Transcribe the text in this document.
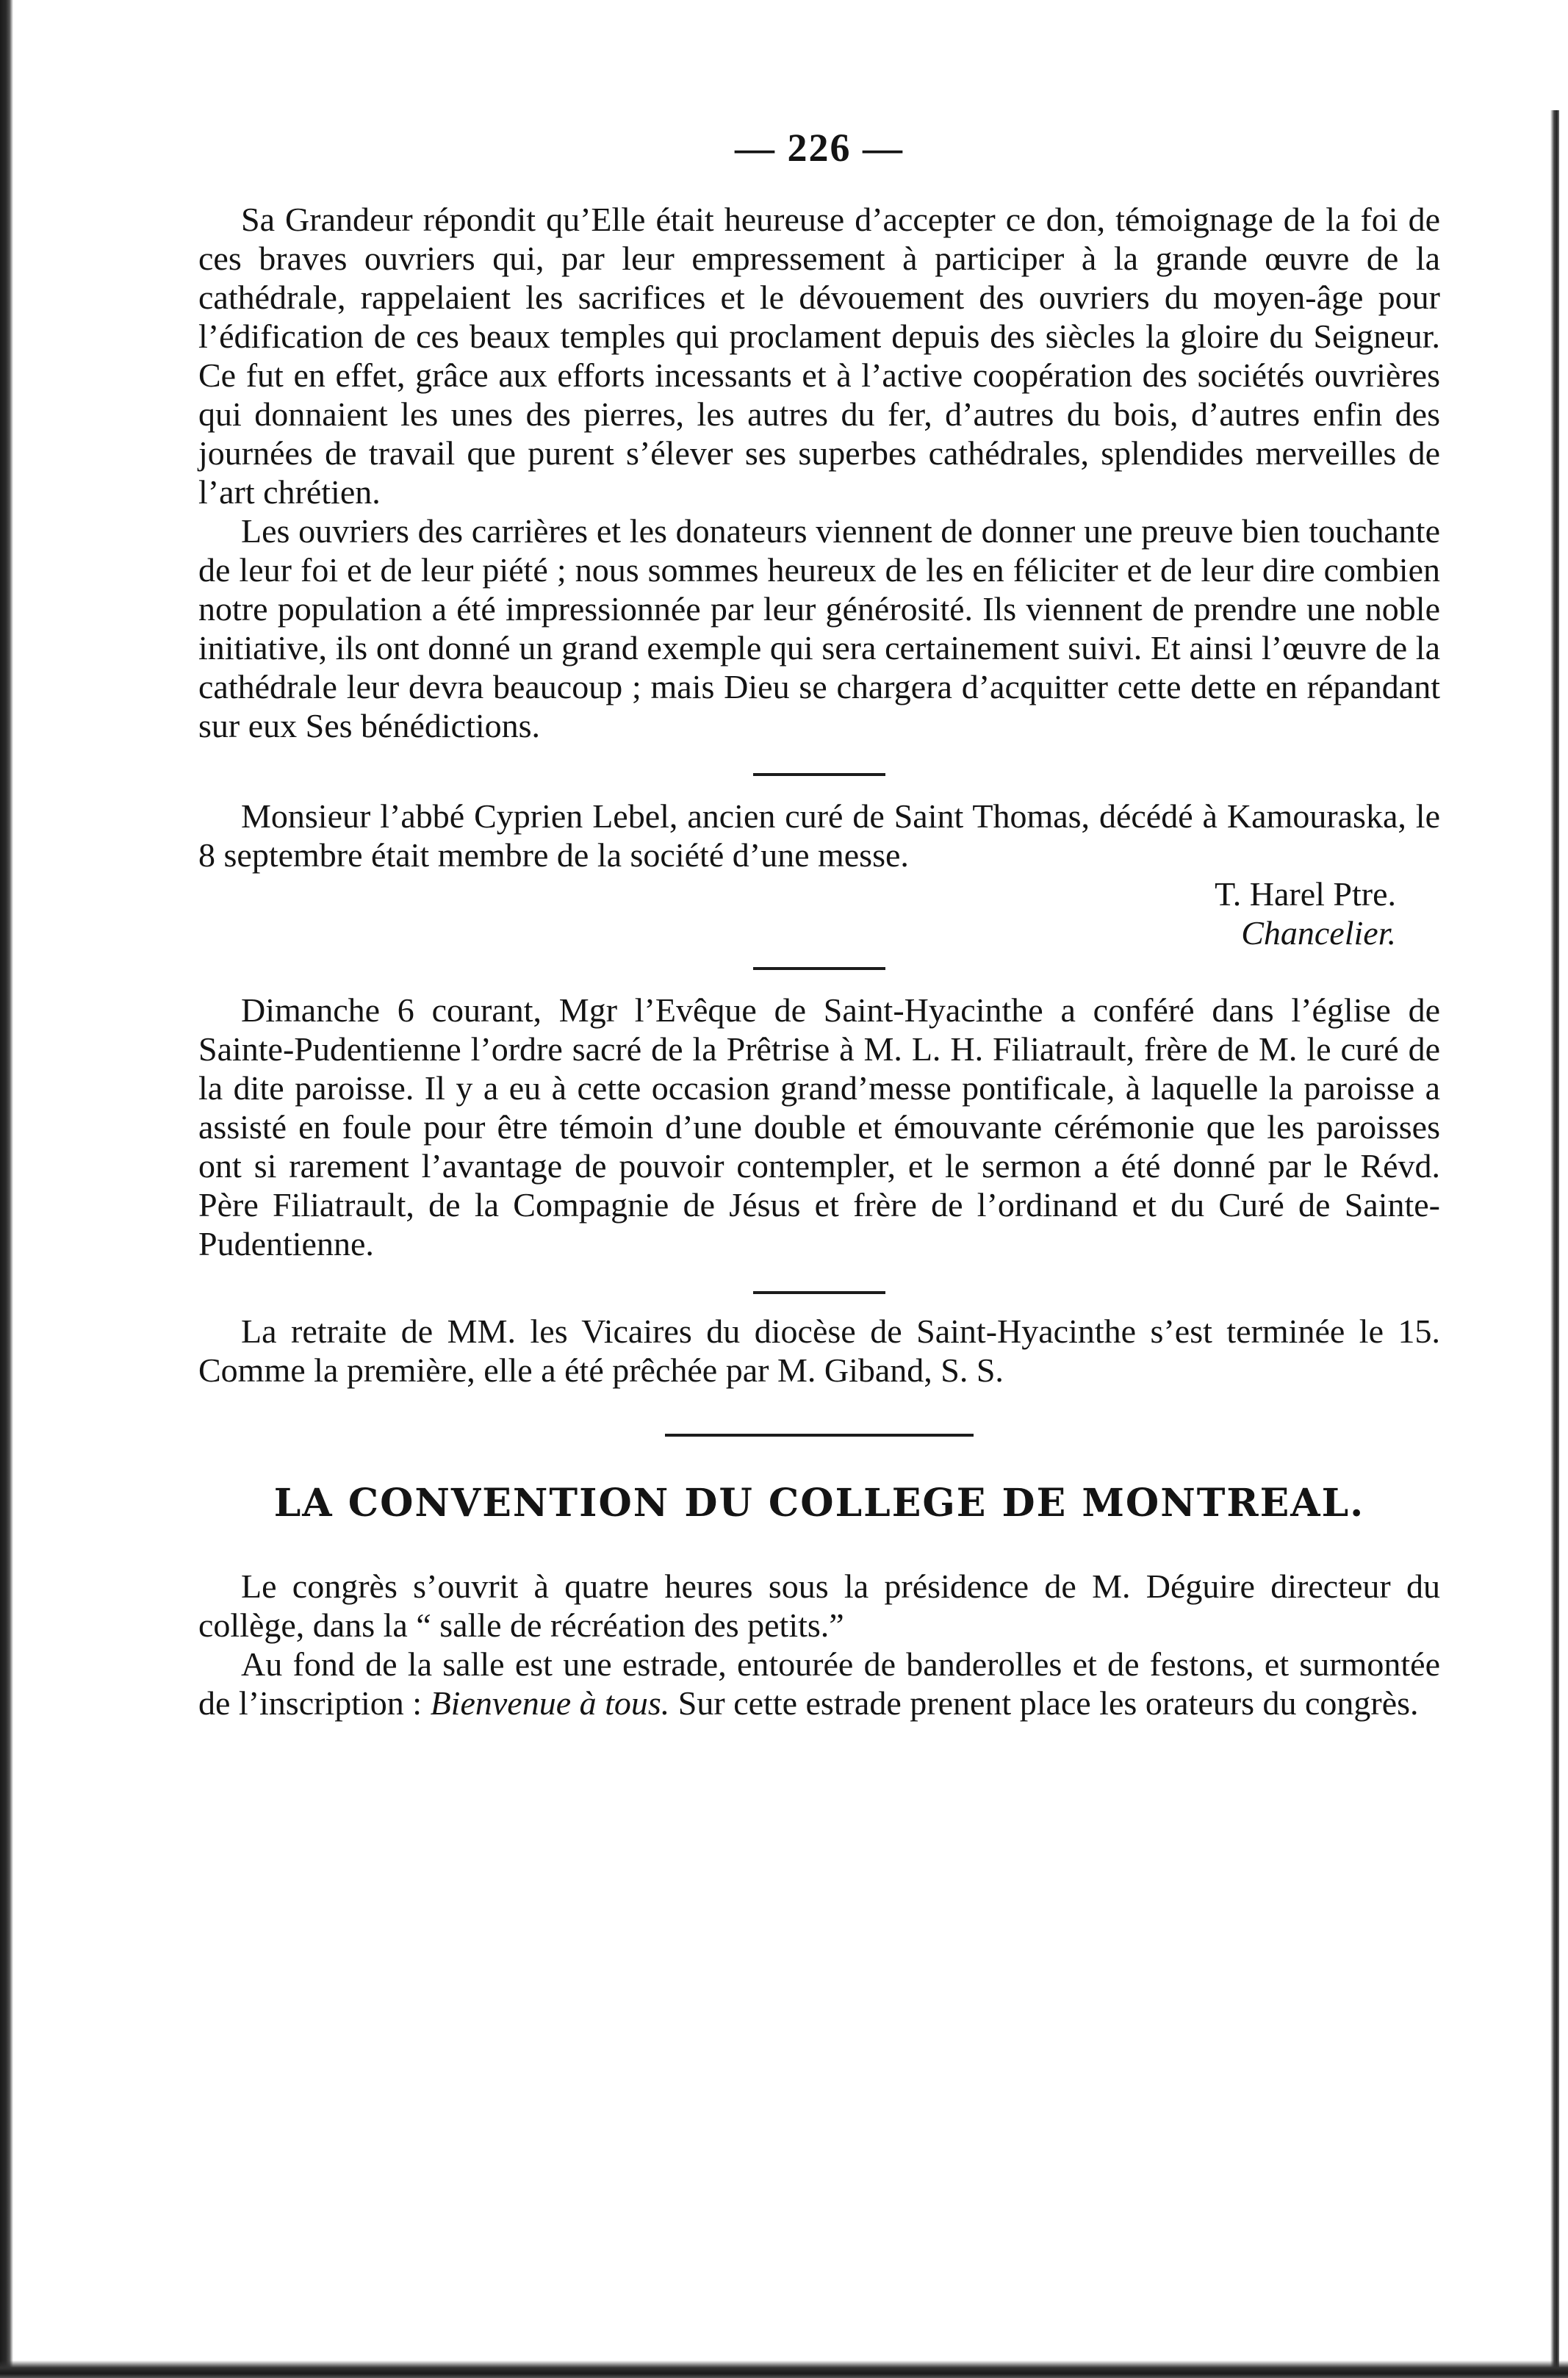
— 226 —

Sa Grandeur répondit qu’Elle était heureuse d’accepter ce don, témoignage de la foi de ces braves ouvriers qui, par leur empressement à participer à la grande œuvre de la cathédrale, rappelaient les sacrifices et le dévouement des ouvriers du moyen-âge pour l’édification de ces beaux temples qui proclament depuis des siècles la gloire du Seigneur. Ce fut en effet, grâce aux efforts incessants et à l’active coopération des sociétés ouvrières qui donnaient les unes des pierres, les autres du fer, d’autres du bois, d’autres enfin des journées de travail que purent s’élever ses superbes cathédrales, splendides merveilles de l’art chrétien.

Les ouvriers des carrières et les donateurs viennent de donner une preuve bien touchante de leur foi et de leur piété ; nous sommes heureux de les en féliciter et de leur dire combien notre population a été impressionnée par leur générosité. Ils viennent de prendre une noble initiative, ils ont donné un grand exemple qui sera certainement suivi. Et ainsi l’œuvre de la cathédrale leur devra beaucoup ; mais Dieu se chargera d’acquitter cette dette en répandant sur eux Ses bénédictions.

Monsieur l’abbé Cyprien Lebel, ancien curé de Saint Thomas, décédé à Kamouraska, le 8 septembre était membre de la société d’une messe.

T. Harel Ptre.
Chancelier.

Dimanche 6 courant, Mgr l’Evêque de Saint-Hyacinthe a conféré dans l’église de Sainte-Pudentienne l’ordre sacré de la Prêtrise à M. L. H. Filiatrault, frère de M. le curé de la dite paroisse. Il y a eu à cette occasion grand’messe pontificale, à laquelle la paroisse a assisté en foule pour être témoin d’une double et émouvante cérémonie que les paroisses ont si rarement l’avantage de pouvoir contempler, et le sermon a été donné par le Révd. Père Filiatrault, de la Compagnie de Jésus et frère de l’ordinand et du Curé de Sainte-Pudentienne.

La retraite de MM. les Vicaires du diocèse de Saint-Hyacinthe s’est terminée le 15. Comme la première, elle a été prêchée par M. Giband, S. S.

LA CONVENTION DU COLLEGE DE MONTREAL.

Le congrès s’ouvrit à quatre heures sous la présidence de M. Déguire directeur du collège, dans la “ salle de récréation des petits.”

Au fond de la salle est une estrade, entourée de banderolles et de festons, et surmontée de l’inscription : Bienvenue à tous. Sur cette estrade prenent place les orateurs du congrès.
